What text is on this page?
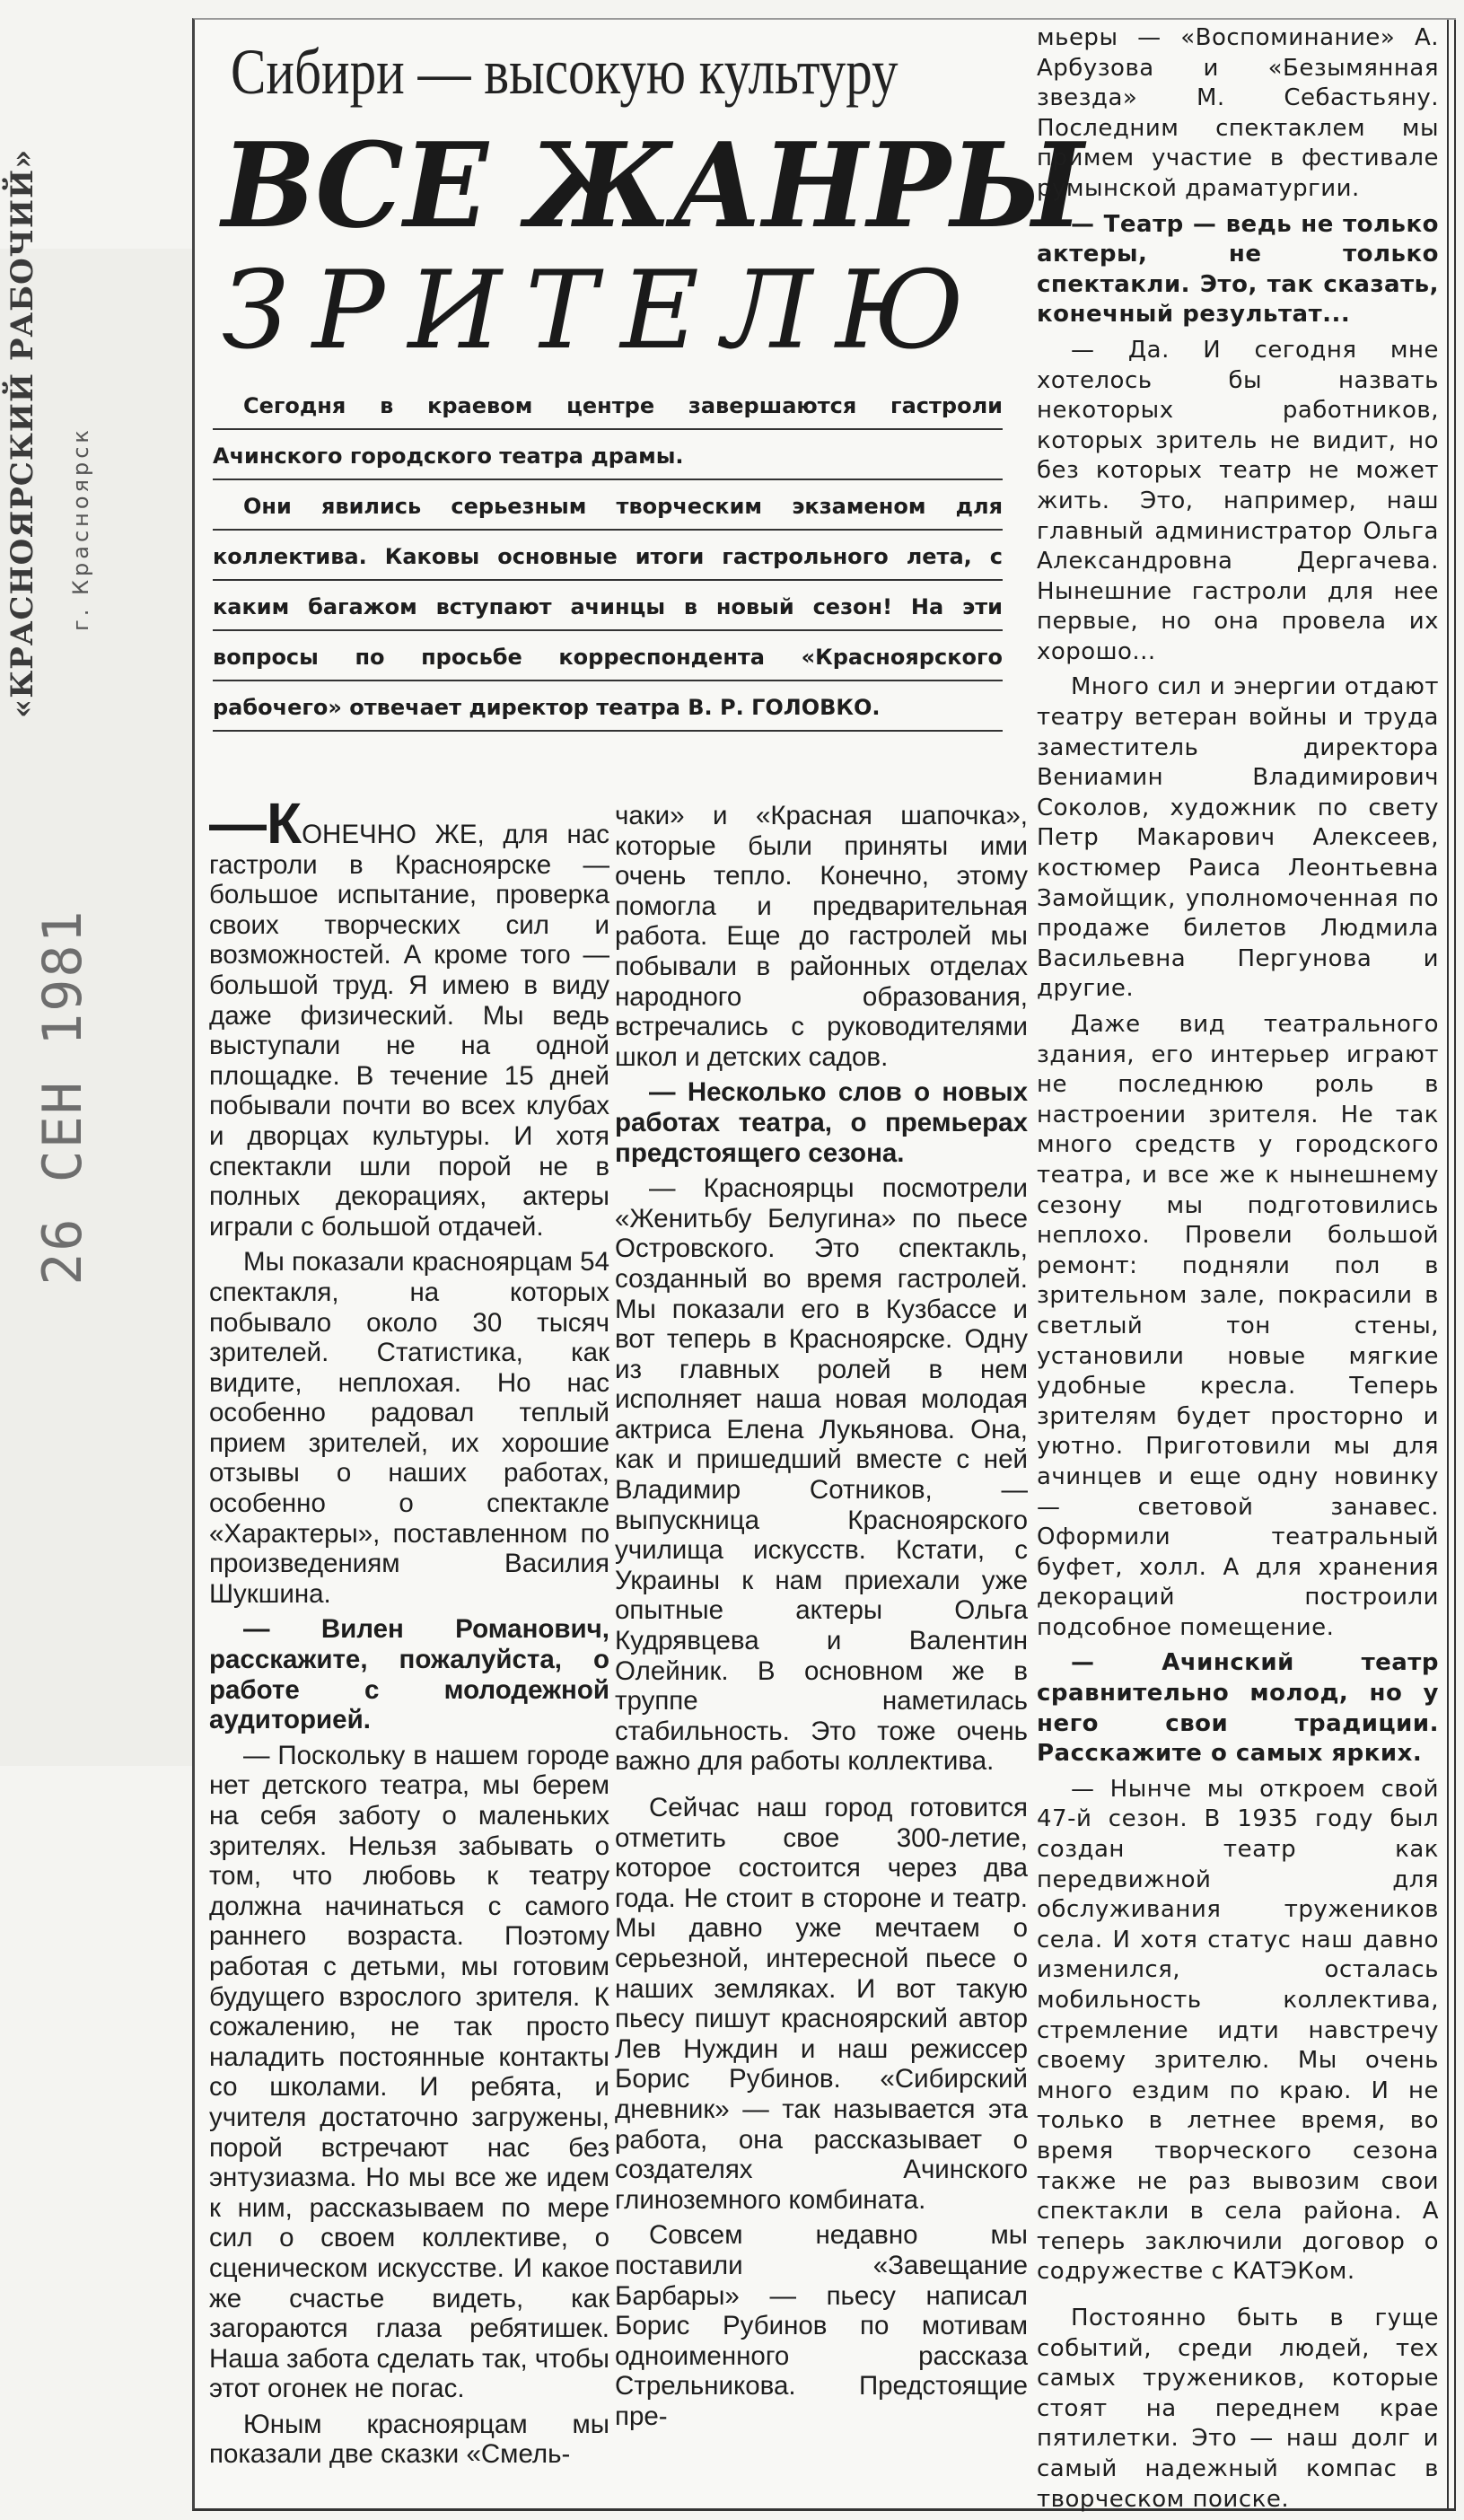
«КРАСНОЯРСКИЙ РАБОЧИЙ» г. Красноярск
26 СЕН 1981
Сибири — высокую культуру
ВСЕ ЖАНРЫ
ЗРИТЕЛЮ

Сегодня в краевом центре завершаются гастроли Ачинского городского театра драмы.

Они явились серьезным творческим экзаменом для коллектива. Каковы основные итоги гастрольного лета, с каким багажом вступают ачинцы в новый сезон! На эти вопросы по просьбе корреспондента «Красноярского рабочего» отвечает директор театра В. Р. ГОЛОВКО.

—КОНЕЧНО ЖЕ, для нас гастроли в Красноярске — большое испытание, проверка своих творческих сил и возможностей. А кроме того — большой труд. Я имею в виду даже физический. Мы ведь выступали не на одной площадке. В течение 15 дней побывали почти во всех клубах и дворцах культуры. И хотя спектакли шли порой не в полных декорациях, актеры играли с большой отдачей.

Мы показали красноярцам 54 спектакля, на которых побывало около 30 тысяч зрителей. Статистика, как видите, неплохая. Но нас особенно радовал теплый прием зрителей, их хорошие отзывы о наших работах, особенно о спектакле «Характеры», поставленном по произведениям Василия Шукшина.

— Вилен Романович, расскажите, пожалуйста, о работе с молодежной аудиторией.

— Поскольку в нашем городе нет детского театра, мы берем на себя заботу о маленьких зрителях. Нельзя забывать о том, что любовь к театру должна начинаться с самого раннего возраста. Поэтому работая с детьми, мы готовим будущего взрослого зрителя. К сожалению, не так просто наладить постоянные контакты со школами. И ребята, и учителя достаточно загружены, порой встречают нас без энтузиазма. Но мы все же идем к ним, рассказываем по мере сил о своем коллективе, о сценическом искусстве. И какое же счастье видеть, как загораются глаза ребятишек. Наша забота сделать так, чтобы этот огонек не погас.

Юным красноярцам мы показали две сказки «Смель-

чаки» и «Красная шапочка», которые были приняты ими очень тепло. Конечно, этому помогла и предварительная работа. Еще до гастролей мы побывали в районных отделах народного образования, встречались с руководителями школ и детских садов.

— Несколько слов о новых работах театра, о премьерах предстоящего сезона.

— Красноярцы посмотрели «Женитьбу Белугина» по пьесе Островского. Это спектакль, созданный во время гастролей. Мы показали его в Кузбассе и вот теперь в Красноярске. Одну из главных ролей в нем исполняет наша новая молодая актриса Елена Лукьянова. Она, как и пришедший вместе с ней Владимир Сотников, — выпускница Красноярского училища искусств. Кстати, с Украины к нам приехали уже опытные актеры Ольга Кудрявцева и Валентин Олейник. В основном же в труппе наметилась стабильность. Это тоже очень важно для работы коллектива.

Сейчас наш город готовится отметить свое 300-летие, которое состоится через два года. Не стоит в стороне и театр. Мы давно уже мечтаем о серьезной, интересной пьесе о наших земляках. И вот такую пьесу пишут красноярский автор Лев Нуждин и наш режиссер Борис Рубинов. «Сибирский дневник» — так называется эта работа, она рассказывает о создателях Ачинского глиноземного комбината.

Совсем недавно мы поставили «Завещание Барбары» — пьесу написал Борис Рубинов по мотивам одноименного рассказа Стрельникова. Предстоящие пре-

мьеры — «Воспоминание» А. Арбузова и «Безымянная звезда» М. Себастьяну. Последним спектаклем мы примем участие в фестивале румынской драматургии.

— Театр — ведь не только актеры, не только спектакли. Это, так сказать, конечный результат...

— Да. И сегодня мне хотелось бы назвать некоторых работников, которых зритель не видит, но без которых театр не может жить. Это, например, наш главный администратор Ольга Александровна Дергачева. Нынешние гастроли для нее первые, но она провела их хорошо...

Много сил и энергии отдают театру ветеран войны и труда заместитель директора Вениамин Владимирович Соколов, художник по свету Петр Макарович Алексеев, костюмер Раиса Леонтьевна Замойщик, уполномоченная по продаже билетов Людмила Васильевна Пергунова и другие.

Даже вид театрального здания, его интерьер играют не последнюю роль в настроении зрителя. Не так много средств у городского театра, и все же к нынешнему сезону мы подготовились неплохо. Провели большой ремонт: подняли пол в зрительном зале, покрасили в светлый тон стены, установили новые мягкие удобные кресла. Теперь зрителям будет просторно и уютно. Приготовили мы для ачинцев и еще одну новинку — световой занавес. Оформили театральный буфет, холл. А для хранения декораций построили подсобное помещение.

— Ачинский театр сравнительно молод, но у него свои традиции. Расскажите о самых ярких.

— Нынче мы откроем свой 47-й сезон. В 1935 году был создан театр как передвижной для обслуживания тружеников села. И хотя статус наш давно изменился, осталась мобильность коллектива, стремление идти навстречу своему зрителю. Мы очень много ездим по краю. И не только в летнее время, во время творческого сезона также не раз вывозим свои спектакли в села района. А теперь заключили договор о содружестве с КАТЭКом.

Постоянно быть в гуще событий, среди людей, тех самых тружеников, которые стоят на переднем крае пятилетки. Это — наш долг и самый надежный компас в творческом поиске.
